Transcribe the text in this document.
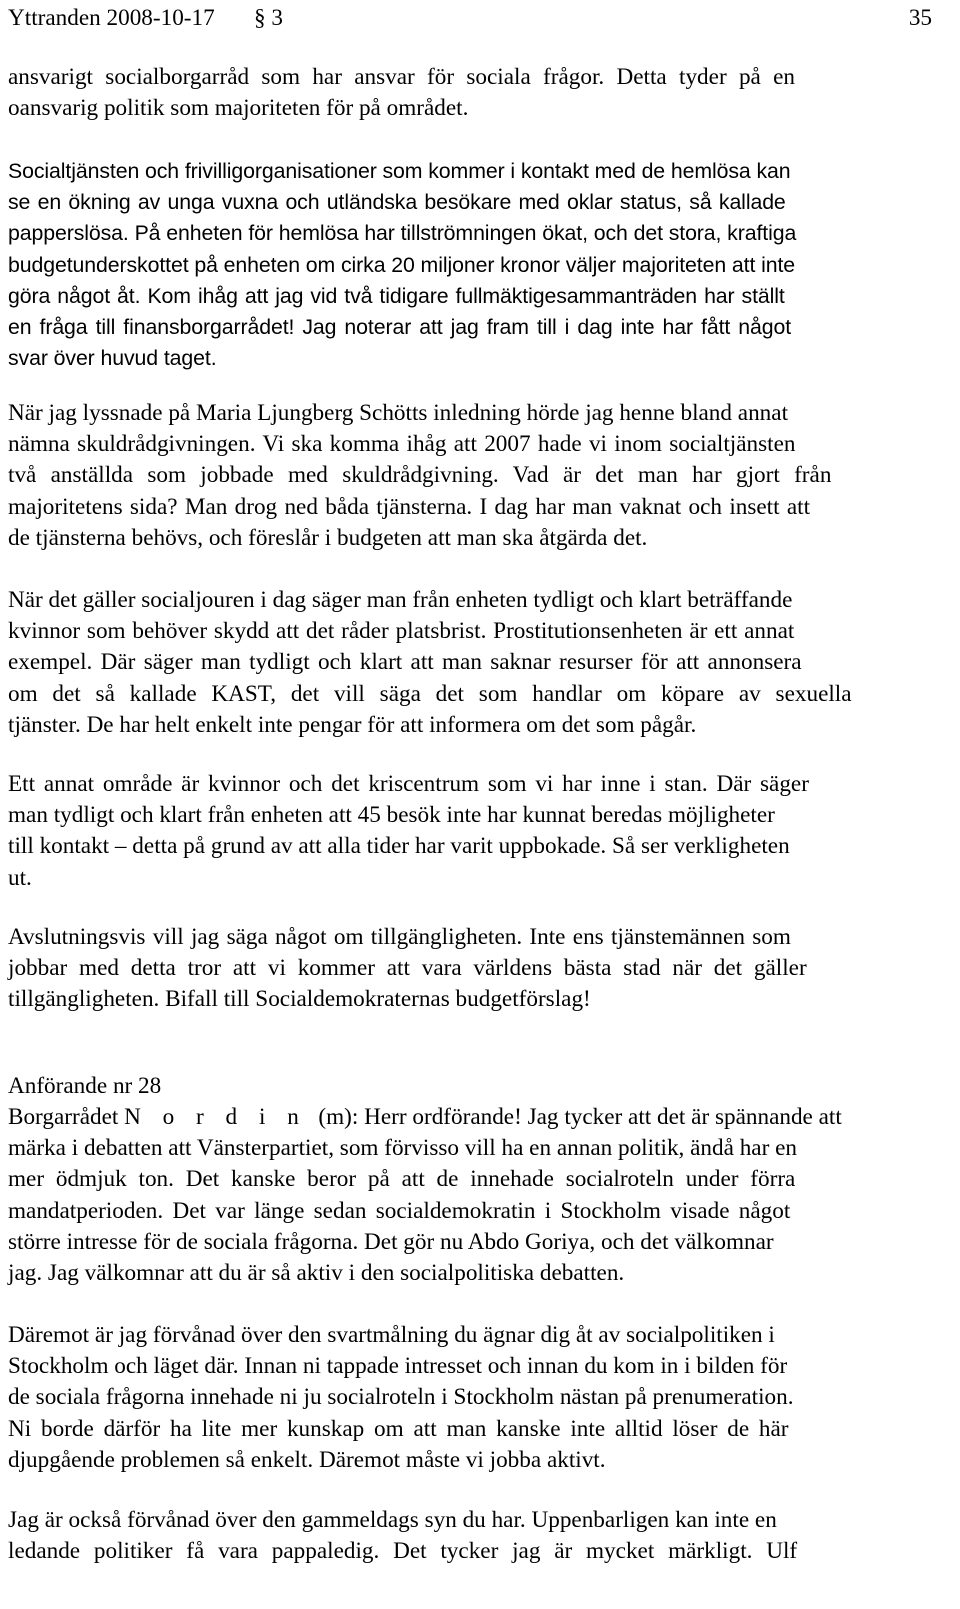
Yttranden 2008-10-17 § 3	35
ansvarigt socialborgarråd som har ansvar för sociala frågor. Detta tyder på en
oansvarig politik som majoriteten för på området.
Socialtjänsten och frivilligorganisationer som kommer i kontakt med de hemlösa kan
se en ökning av unga vuxna och utländska besökare med oklar status, så kallade
papperslösa. På enheten för hemlösa har tillströmningen ökat, och det stora, kraftiga
budgetunderskottet på enheten om cirka 20 miljoner kronor väljer majoriteten att inte
göra något åt. Kom ihåg att jag vid två tidigare fullmäktigesammanträden har ställt
en fråga till finansborgarrådet! Jag noterar att jag fram till i dag inte har fått något
svar över huvud taget.
När jag lyssnade på Maria Ljungberg Schötts inledning hörde jag henne bland annat
nämna skuldrådgivningen. Vi ska komma ihåg att 2007 hade vi inom socialtjänsten
två anställda som jobbade med skuldrådgivning. Vad är det man har gjort från
majoritetens sida? Man drog ned båda tjänsterna. I dag har man vaknat och insett att
de tjänsterna behövs, och föreslår i budgeten att man ska åtgärda det.
När det gäller socialjouren i dag säger man från enheten tydligt och klart beträffande
kvinnor som behöver skydd att det råder platsbrist. Prostitutionsenheten är ett annat
exempel. Där säger man tydligt och klart att man saknar resurser för att annonsera
om det så kallade KAST, det vill säga det som handlar om köpare av sexuella
tjänster. De har helt enkelt inte pengar för att informera om det som pågår.
Ett annat område är kvinnor och det kriscentrum som vi har inne i stan. Där säger
man tydligt och klart från enheten att 45 besök inte har kunnat beredas möjligheter
till kontakt – detta på grund av att alla tider har varit uppbokade. Så ser verkligheten
ut.
Avslutningsvis vill jag säga något om tillgängligheten. Inte ens tjänstemännen som
jobbar med detta tror att vi kommer att vara världens bästa stad när det gäller
tillgängligheten. Bifall till Socialdemokraternas budgetförslag!
Anförande nr 28
Borgarrådet N o r d i n (m): Herr ordförande! Jag tycker att det är spännande att
märka i debatten att Vänsterpartiet, som förvisso vill ha en annan politik, ändå har en
mer ödmjuk ton. Det kanske beror på att de innehade socialroteln under förra
mandatperioden. Det var länge sedan socialdemokratin i Stockholm visade något
större intresse för de sociala frågorna. Det gör nu Abdo Goriya, och det välkomnar
jag. Jag välkomnar att du är så aktiv i den socialpolitiska debatten.
Däremot är jag förvånad över den svartmålning du ägnar dig åt av socialpolitiken i
Stockholm och läget där. Innan ni tappade intresset och innan du kom in i bilden för
de sociala frågorna innehade ni ju socialroteln i Stockholm nästan på prenumeration.
Ni borde därför ha lite mer kunskap om att man kanske inte alltid löser de här
djupgående problemen så enkelt. Däremot måste vi jobba aktivt.
Jag är också förvånad över den gammeldags syn du har. Uppenbarligen kan inte en
ledande politiker få vara pappaledig. Det tycker jag är mycket märkligt. Ulf
